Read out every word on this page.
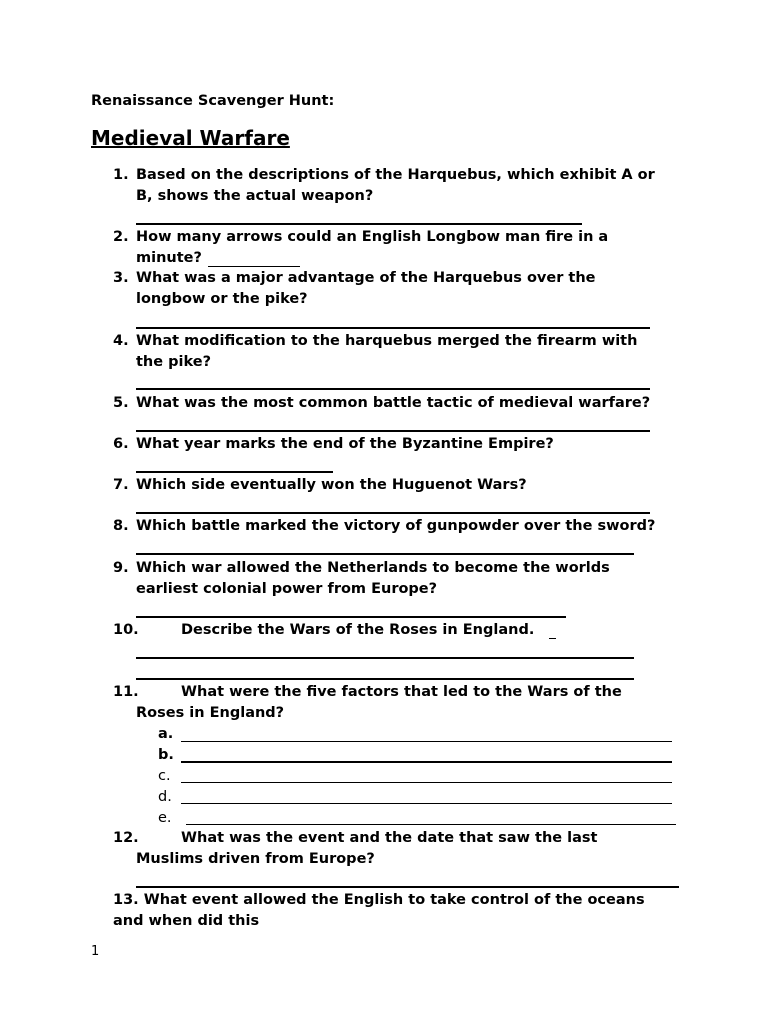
Renaissance Scavenger Hunt:
Medieval Warfare
1. Based on the descriptions of the Harquebus, which exhibit A or
B, shows the actual weapon?
2. How many arrows could an English Longbow man fire in a
minute?
3. What was a major advantage of the Harquebus over the
longbow or the pike?
4. What modification to the harquebus merged the firearm with
the pike?
5. What was the most common battle tactic of medieval warfare?
6. What year marks the end of the Byzantine Empire?
7. Which side eventually won the Huguenot Wars?
8. Which battle marked the victory of gunpowder over the sword?
9. Which war allowed the Netherlands to become the worlds
earliest colonial power from Europe?
10.	Describe the Wars of the Roses in England.
11.	What were the five factors that led to the Wars of the
Roses in England?
a.
b.
c.
d.
e.
12.	What was the event and the date that saw the last
Muslims driven from Europe?
13. What event allowed the English to take control of the oceans
and when did this
1
